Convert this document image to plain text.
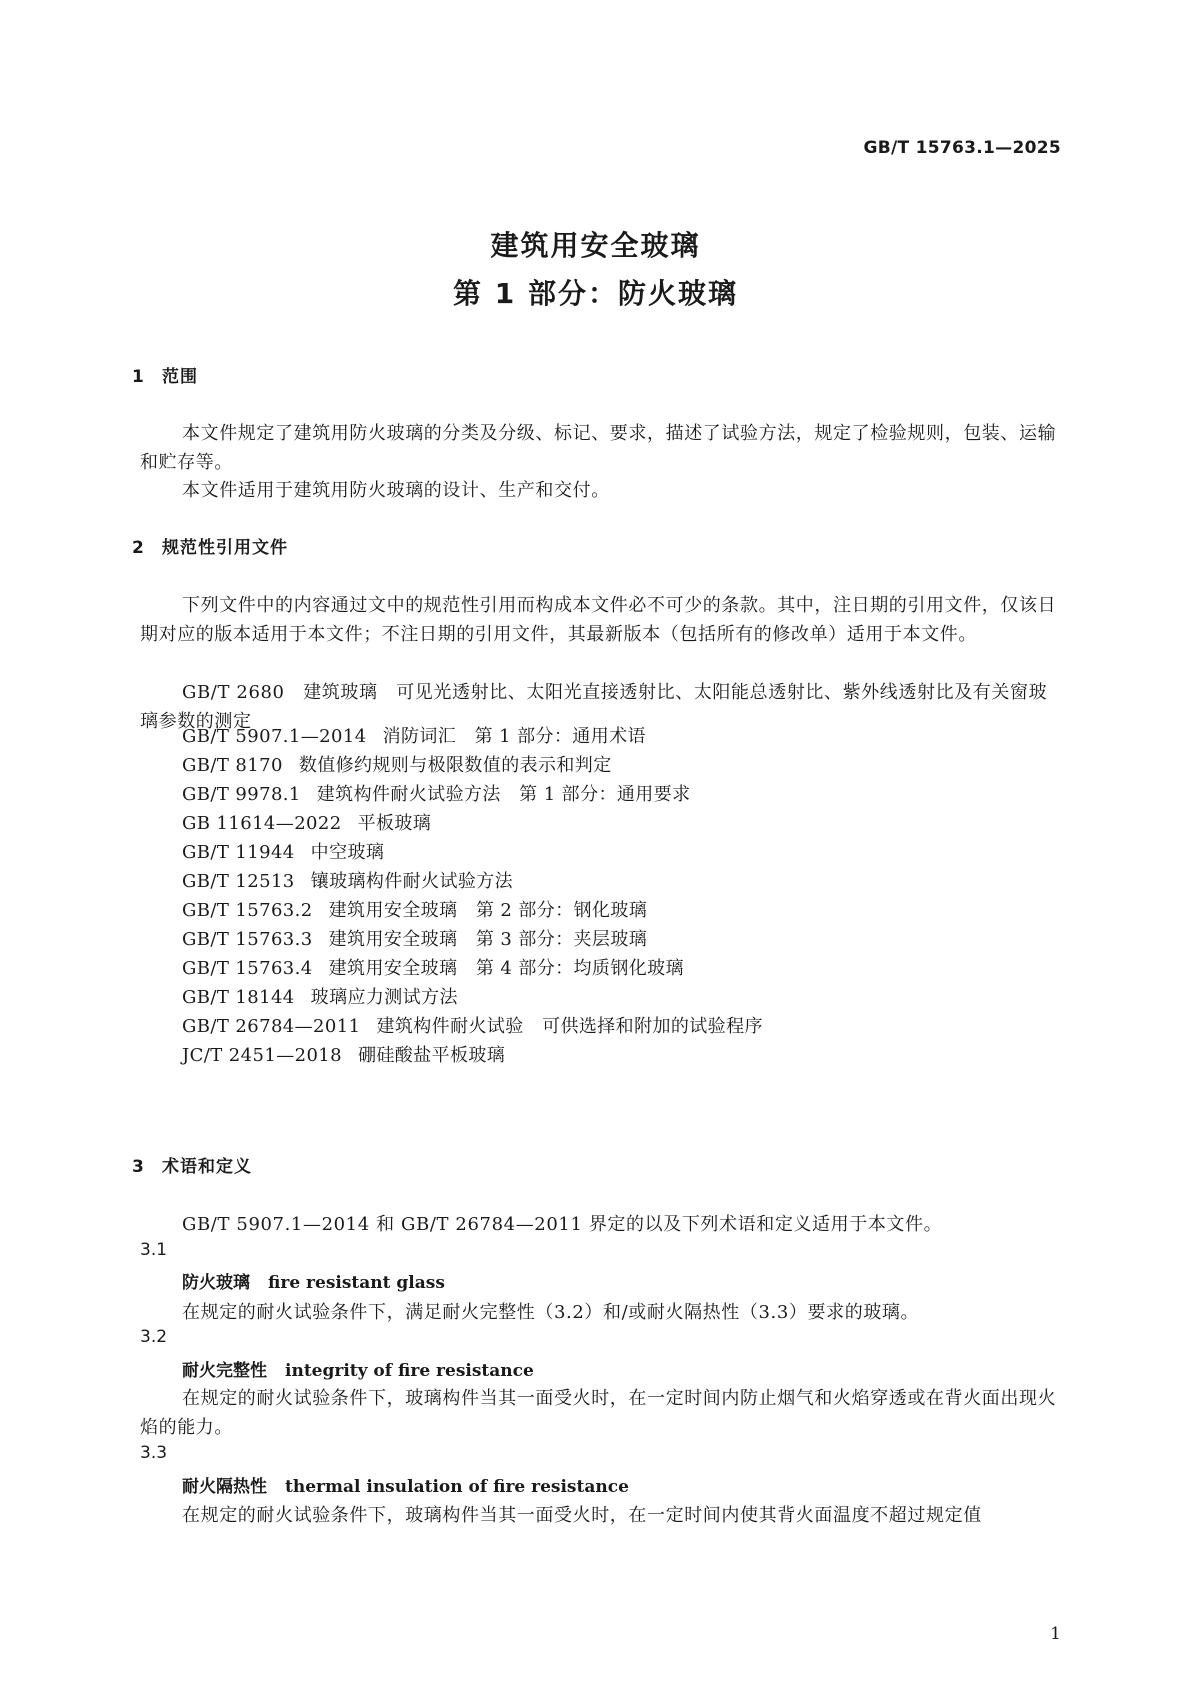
GB/T 15763.1—2025
建筑用安全玻璃
第 1 部分：防火玻璃
1 范围
本文件规定了建筑用防火玻璃的分类及分级、标记、要求，描述了试验方法，规定了检验规则，包装、运输和贮存等。
本文件适用于建筑用防火玻璃的设计、生产和交付。
2 规范性引用文件
下列文件中的内容通过文中的规范性引用而构成本文件必不可少的条款。其中，注日期的引用文件，仅该日期对应的版本适用于本文件；不注日期的引用文件，其最新版本（包括所有的修改单）适用于本文件。
GB/T 2680　建筑玻璃　可见光透射比、太阳光直接透射比、太阳能总透射比、紫外线透射比及有关窗玻璃参数的测定
GB/T 5907.1—2014 消防词汇　第 1 部分：通用术语
GB/T 8170 数值修约规则与极限数值的表示和判定
GB/T 9978.1 建筑构件耐火试验方法　第 1 部分：通用要求
GB 11614—2022 平板玻璃
GB/T 11944 中空玻璃
GB/T 12513 镶玻璃构件耐火试验方法
GB/T 15763.2 建筑用安全玻璃　第 2 部分：钢化玻璃
GB/T 15763.3 建筑用安全玻璃　第 3 部分：夹层玻璃
GB/T 15763.4 建筑用安全玻璃　第 4 部分：均质钢化玻璃
GB/T 18144 玻璃应力测试方法
GB/T 26784—2011 建筑构件耐火试验　可供选择和附加的试验程序
JC/T 2451—2018 硼硅酸盐平板玻璃
3 术语和定义
GB/T 5907.1—2014 和 GB/T 26784—2011 界定的以及下列术语和定义适用于本文件。
3.1
防火玻璃 fire resistant glass
在规定的耐火试验条件下，满足耐火完整性（3.2）和/或耐火隔热性（3.3）要求的玻璃。
3.2
耐火完整性 integrity of fire resistance
在规定的耐火试验条件下，玻璃构件当其一面受火时，在一定时间内防止烟气和火焰穿透或在背火面出现火焰的能力。
3.3
耐火隔热性 thermal insulation of fire resistance
在规定的耐火试验条件下，玻璃构件当其一面受火时，在一定时间内使其背火面温度不超过规定值
1
